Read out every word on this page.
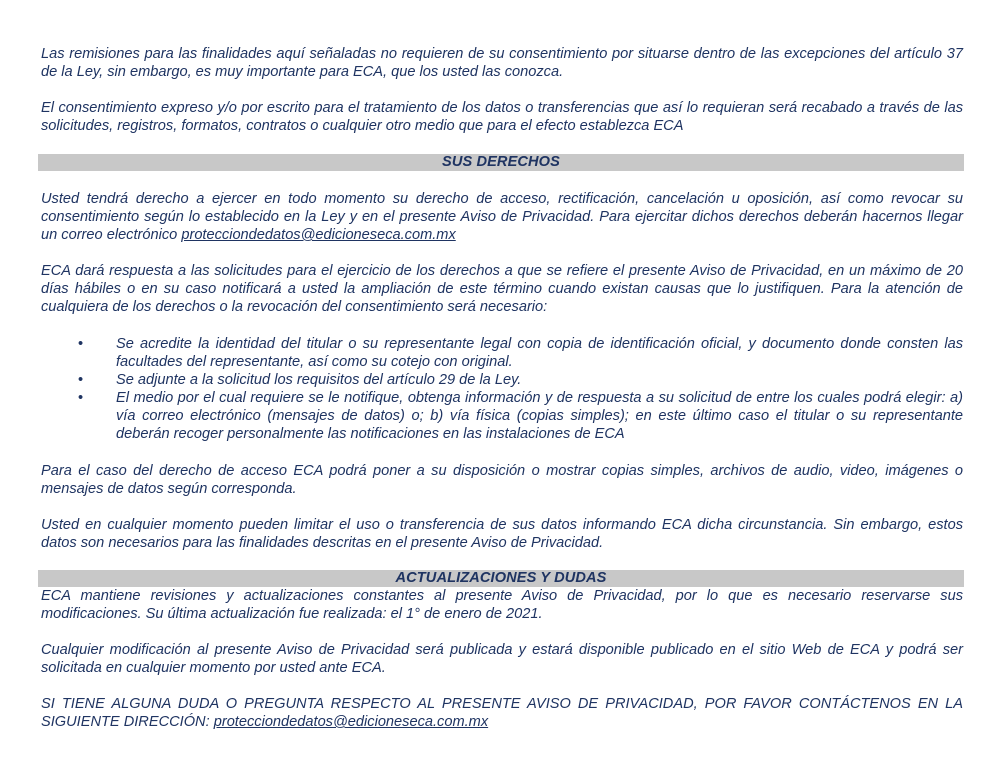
Las remisiones para las finalidades aquí señaladas no requieren de su consentimiento por situarse dentro de las excepciones del artículo 37 de la Ley, sin embargo, es muy importante para ECA, que los usted las conozca.

El consentimiento expreso y/o por escrito para el tratamiento de los datos o transferencias que así lo requieran será recabado a través de las solicitudes, registros, formatos, contratos o cualquier otro medio que para el efecto establezca ECA

SUS DERECHOS

Usted tendrá derecho a ejercer en todo momento su derecho de acceso, rectificación, cancelación u oposición, así como revocar su consentimiento según lo establecido en la Ley y en el presente Aviso de Privacidad. Para ejercitar dichos derechos deberán hacernos llegar un correo electrónico protecciondedatos@edicioneseca.com.mx

ECA dará respuesta a las solicitudes para el ejercicio de los derechos a que se refiere el presente Aviso de Privacidad, en un máximo de 20 días hábiles o en su caso notificará a usted la ampliación de este término cuando existan causas que lo justifiquen. Para la atención de cualquiera de los derechos o la revocación del consentimiento será necesario:

• Se acredite la identidad del titular o su representante legal con copia de identificación oficial, y documento donde consten las facultades del representante, así como su cotejo con original.
• Se adjunte a la solicitud los requisitos del artículo 29 de la Ley.
• El medio por el cual requiere se le notifique, obtenga información y de respuesta a su solicitud de entre los cuales podrá elegir: a) vía correo electrónico (mensajes de datos) o; b) vía física (copias simples); en este último caso el titular o su representante deberán recoger personalmente las notificaciones en las instalaciones de ECA

Para el caso del derecho de acceso ECA podrá poner a su disposición o mostrar copias simples, archivos de audio, video, imágenes o mensajes de datos según corresponda.

Usted en cualquier momento pueden limitar el uso o transferencia de sus datos informando ECA dicha circunstancia. Sin embargo, estos datos son necesarios para las finalidades descritas en el presente Aviso de Privacidad.

ACTUALIZACIONES Y DUDAS

ECA mantiene revisiones y actualizaciones constantes al presente Aviso de Privacidad, por lo que es necesario reservarse sus modificaciones. Su última actualización fue realizada: el 1° de enero de 2021.

Cualquier modificación al presente Aviso de Privacidad será publicada y estará disponible publicado en el sitio Web de ECA y podrá ser solicitada en cualquier momento por usted ante ECA.

SI TIENE ALGUNA DUDA O PREGUNTA RESPECTO AL PRESENTE AVISO DE PRIVACIDAD, POR FAVOR CONTÁCTENOS EN LA SIGUIENTE DIRECCIÓN: protecciondedatos@edicioneseca.com.mx
